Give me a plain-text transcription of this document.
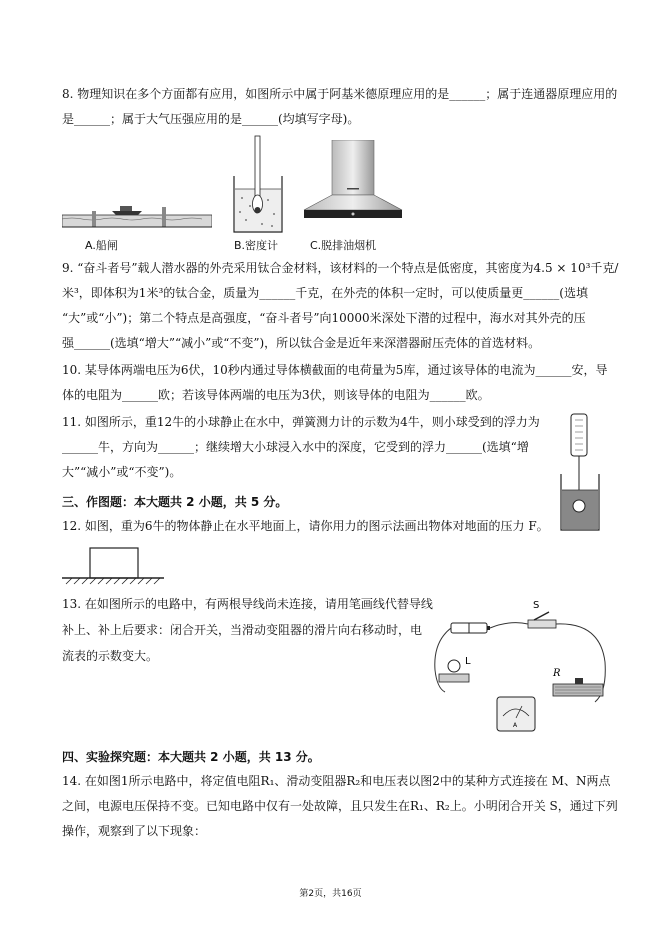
8. 物理知识在多个方面都有应用，如图所示中属于阿基米德原理应用的是______；属于连通器原理应用的
是______；属于大气压强应用的是______(均填写字母)。
A.船闸	B.密度计	C.脱排油烟机
9. “奋斗者号”载人潜水器的外壳采用钛合金材料，该材料的一个特点是低密度，其密度为4.5 × 10³千克/
米³，即体积为1米³的钛合金，质量为______千克，在外壳的体积一定时，可以使质量更______(选填
“大”或“小”)；第二个特点是高强度，“奋斗者号”向10000米深处下潜的过程中，海水对其外壳的压
强______(选填“增大”“减小”或“不变”)，所以钛合金是近年来深潜器耐压壳体的首选材料。
10. 某导体两端电压为6伏，10秒内通过导体横截面的电荷量为5库，通过该导体的电流为______安，导
体的电阻为______欧；若该导体两端的电压为3伏，则该导体的电阻为______欧。
11. 如图所示，重12牛的小球静止在水中，弹簧测力计的示数为4牛，则小球受到的浮力为
______牛，方向为______；继续增大小球浸入水中的深度，它受到的浮力______(选填“增
大”“减小”或“不变”)。
三、作图题：本大题共 2 小题，共 5 分。
12. 如图，重为6牛的物体静止在水平地面上，请你用力的图示法画出物体对地面的压力 F。
13. 在如图所示的电路中，有两根导线尚未连接，请用笔画线代替导线
补上、补上后要求：闭合开关，当滑动变阻器的滑片向右移动时，电
流表的示数变大。
S
L
R
A
四、实验探究题：本大题共 2 小题，共 13 分。
14. 在如图1所示电路中，将定值电阻R₁、滑动变阻器R₂和电压表以图2中的某种方式连接在 M、N两点
之间，电源电压保持不变。已知电路中仅有一处故障，且只发生在R₁、R₂上。小明闭合开关 S，通过下列
操作，观察到了以下现象：
第2页，共16页
